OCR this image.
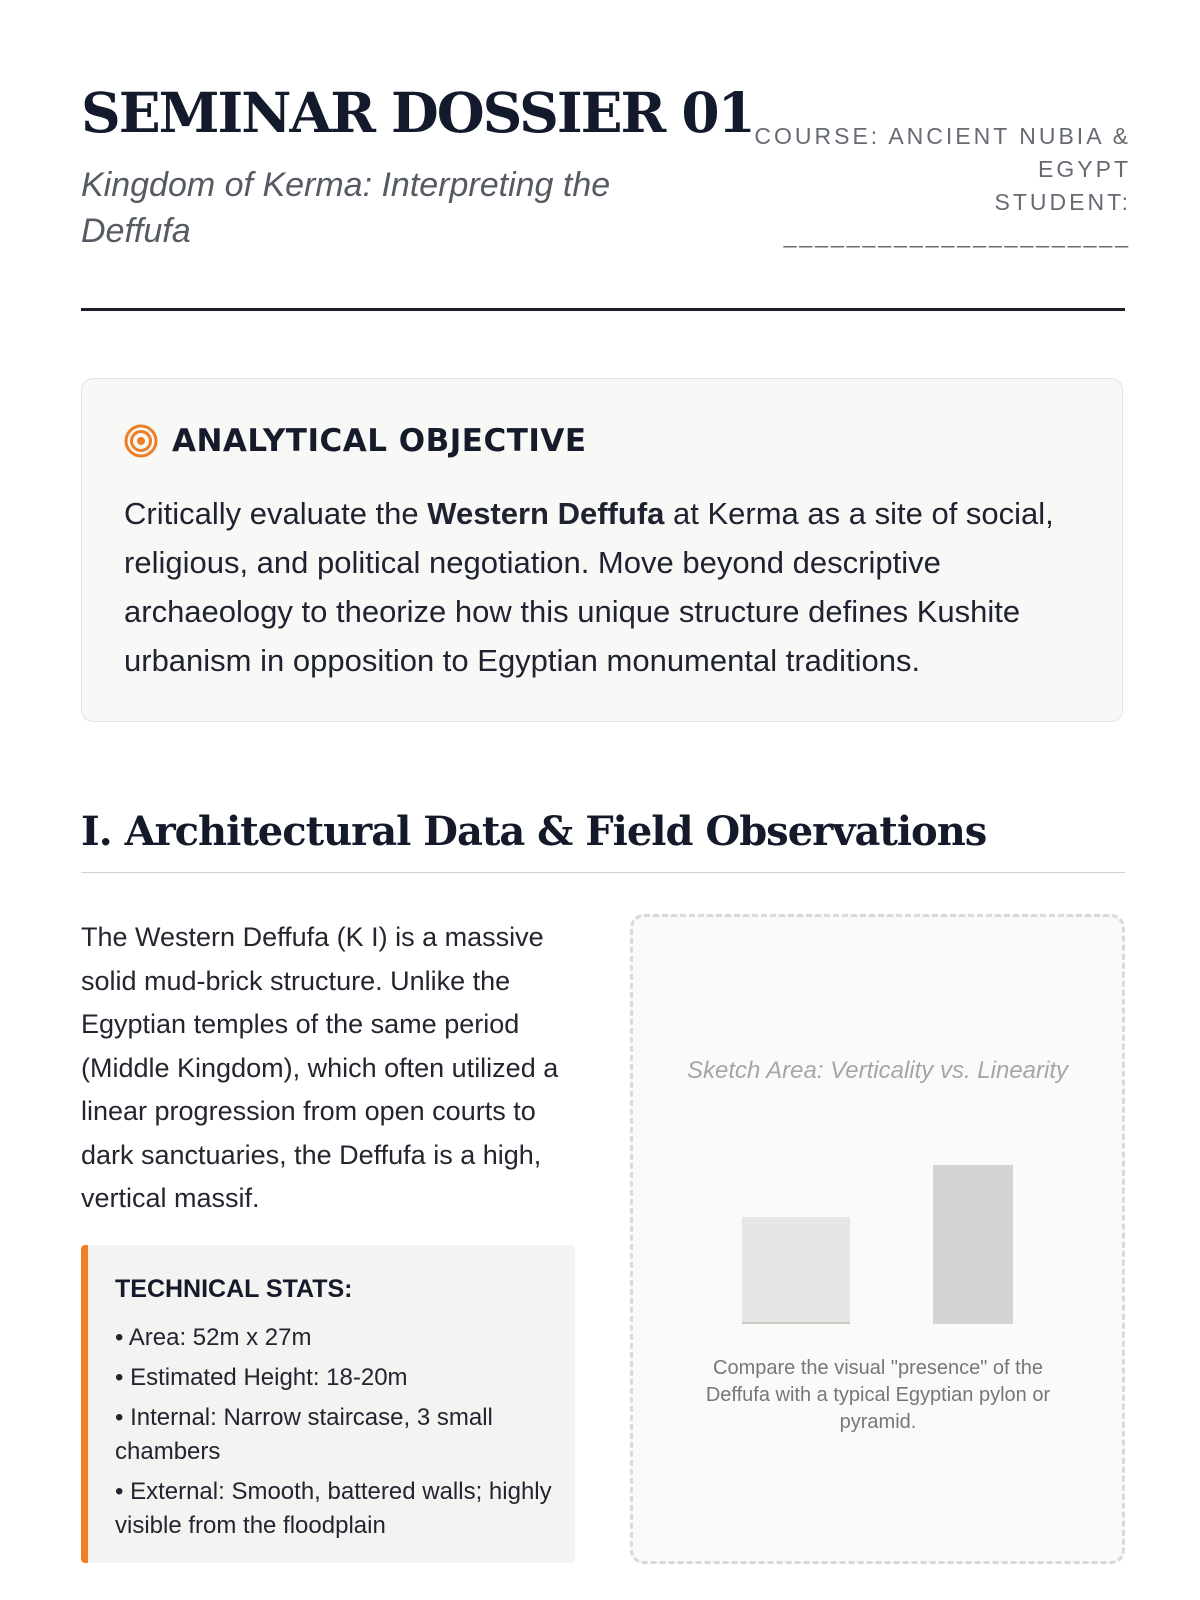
SEMINAR DOSSIER 01

Kingdom of Kerma: Interpreting the Deffufa

COURSE: ANCIENT NUBIA &
EGYPT
STUDENT:
______________________
ANALYTICAL OBJECTIVE

Critically evaluate the Western Deffufa at Kerma as a site of social, religious, and political negotiation. Move beyond descriptive archaeology to theorize how this unique structure defines Kushite urbanism in opposition to Egyptian monumental traditions.

I. Architectural Data & Field Observations

The Western Deffufa (K I) is a massive solid mud-brick structure. Unlike the Egyptian temples of the same period (Middle Kingdom), which often utilized a linear progression from open courts to dark sanctuaries, the Deffufa is a high, vertical massif.

TECHNICAL STATS:

• Area: 52m x 27m
• Estimated Height: 18-20m
• Internal: Narrow staircase, 3 small chambers
• External: Smooth, battered walls; highly visible from the floodplain

Sketch Area: Verticality vs. Linearity

Compare the visual "presence" of the Deffufa with a typical Egyptian pylon or pyramid.
